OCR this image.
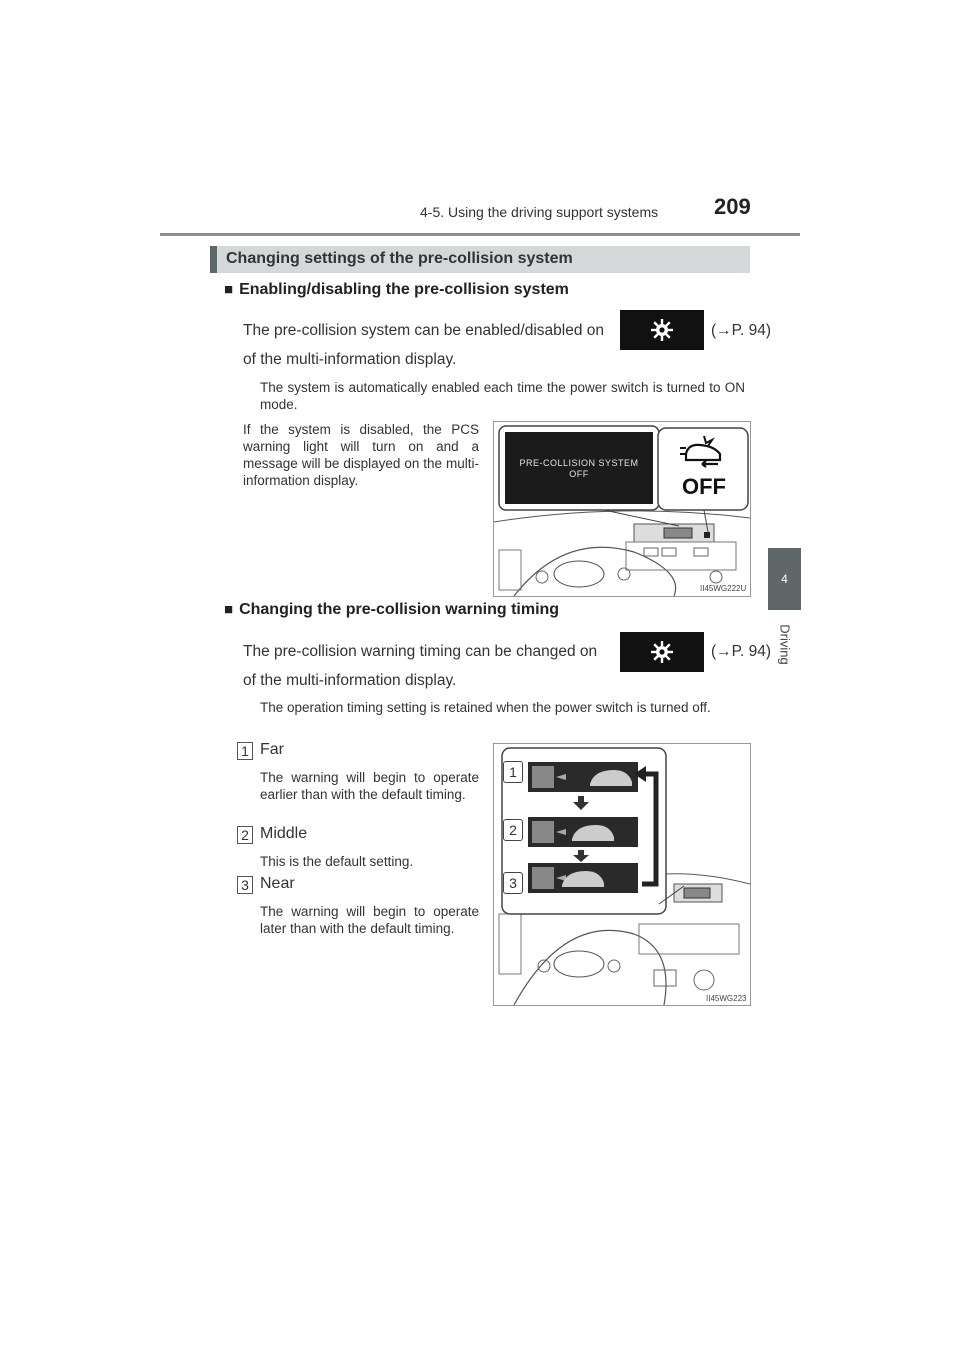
4-5. Using the driving support systems	209
4
Driving
Changing settings of the pre-collision system
■ Enabling/disabling the pre-collision system
The pre-collision system can be enabled/disabled on	(→P. 94)
of the multi-information display.
The system is automatically enabled each time the power switch is turned to ON mode.
If the system is disabled, the PCS warning light will turn on and a message will be displayed on the multi-information display.
PRE-COLLISION SYSTEM
OFF	OFF
II45WG222U
■ Changing the pre-collision warning timing
The pre-collision warning timing can be changed on	(→P. 94)
of the multi-information display.
The operation timing setting is retained when the power switch is turned off.
1 Far
The warning will begin to operate earlier than with the default timing.
2 Middle
This is the default setting.
3 Near
The warning will begin to operate later than with the default timing.
1
2
3
II45WG223
